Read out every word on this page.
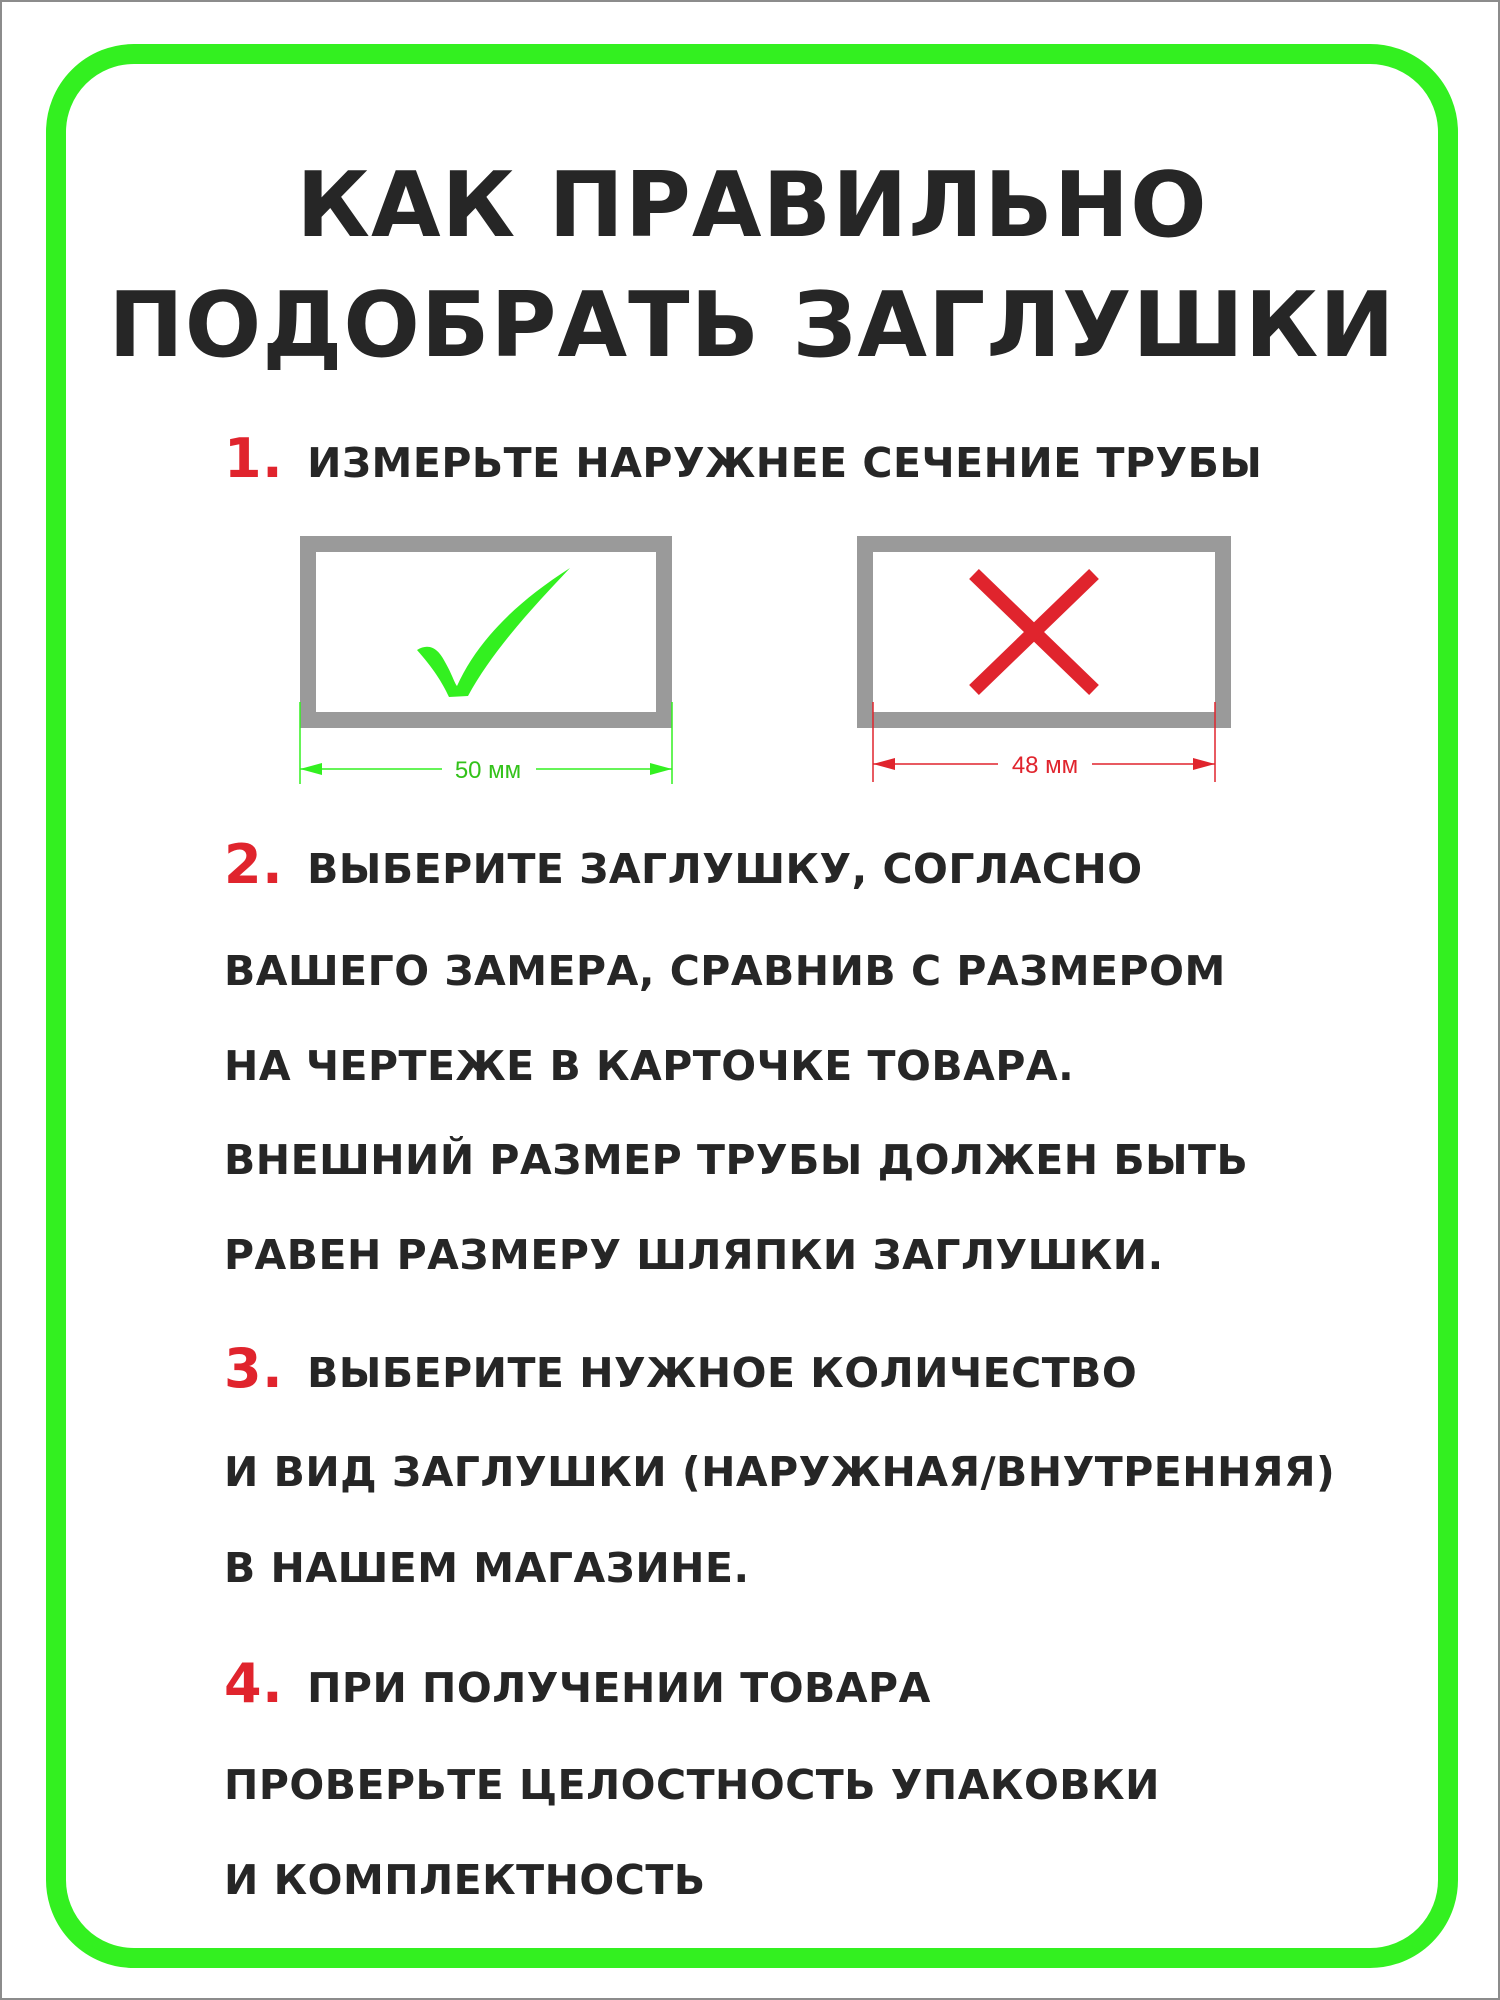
КАК ПРАВИЛЬНО
ПОДОБРАТЬ ЗАГЛУШКИ
1. ИЗМЕРЬТЕ НАРУЖНЕЕ СЕЧЕНИЕ ТРУБЫ
50 мм	48 мм
2. ВЫБЕРИТЕ ЗАГЛУШКУ, СОГЛАСНО
ВАШЕГО ЗАМЕРА, СРАВНИВ С РАЗМЕРОМ
НА ЧЕРТЕЖЕ В КАРТОЧКЕ ТОВАРА.
ВНЕШНИЙ РАЗМЕР ТРУБЫ ДОЛЖЕН БЫТЬ
РАВЕН РАЗМЕРУ ШЛЯПКИ ЗАГЛУШКИ.
3. ВЫБЕРИТЕ НУЖНОЕ КОЛИЧЕСТВО
И ВИД ЗАГЛУШКИ (НАРУЖНАЯ/ВНУТРЕННЯЯ)
В НАШЕМ МАГАЗИНЕ.
4. ПРИ ПОЛУЧЕНИИ ТОВАРА
ПРОВЕРЬТЕ ЦЕЛОСТНОСТЬ УПАКОВКИ
И КОМПЛЕКТНОСТЬ
